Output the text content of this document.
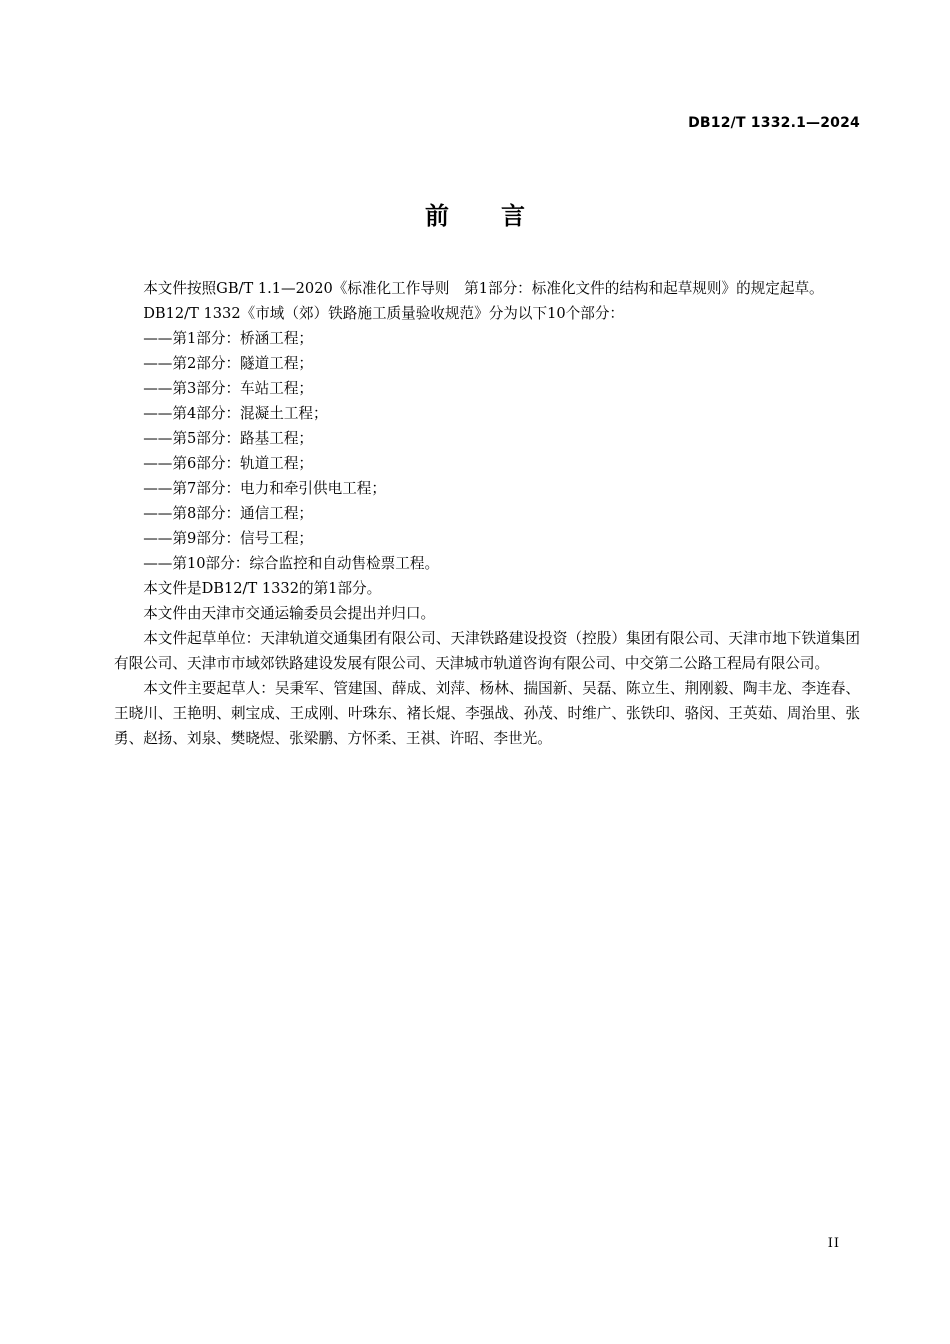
DB12/T 1332.1—2024
前言

本文件按照GB/T 1.1—2020《标准化工作导则　第1部分：标准化文件的结构和起草规则》的规定起草。

DB12/T 1332《市域（郊）铁路施工质量验收规范》分为以下10个部分：

——第1部分：桥涵工程；

——第2部分：隧道工程；

——第3部分：车站工程；

——第4部分：混凝土工程；

——第5部分：路基工程；

——第6部分：轨道工程；

——第7部分：电力和牵引供电工程；

——第8部分：通信工程；

——第9部分：信号工程；

——第10部分：综合监控和自动售检票工程。

本文件是DB12/T 1332的第1部分。

本文件由天津市交通运输委员会提出并归口。

本文件起草单位：天津轨道交通集团有限公司、天津铁路建设投资（控股）集团有限公司、天津市地下铁道集团有限公司、天津市市域郊铁路建设发展有限公司、天津城市轨道咨询有限公司、中交第二公路工程局有限公司。

本文件主要起草人：吴秉军、管建国、薛成、刘萍、杨林、揣国新、吴磊、陈立生、荆刚毅、陶丰龙、李连春、王晓川、王艳明、刺宝成、王成刚、叶珠东、褚长焜、李强战、孙茂、时维广、张铁印、骆闵、王英茹、周治里、张勇、赵扬、刘泉、樊晓煜、张梁鹏、方怀柔、王祺、许昭、李世光。

II
